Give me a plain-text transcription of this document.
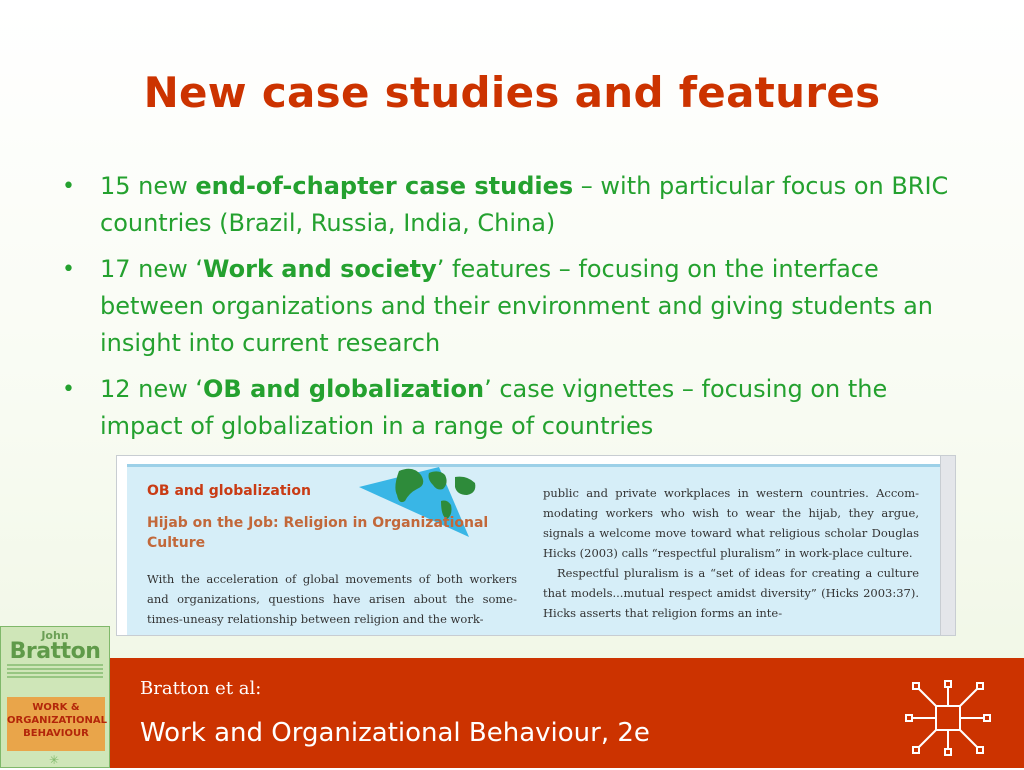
New case studies and features
• 15 new end-of-chapter case studies – with particular focus on BRIC countries (Brazil, Russia, India, China)
• 17 new ‘Work and society’ features – focusing on the interface between organizations and their environment and giving students an insight into current research
• 12 new ‘OB and globalization’ case vignettes – focusing on the impact of globalization in a range of countries

OB and globalization

Hijab on the Job: Religion in Organizational Culture

With the acceleration of global movements of both workers and organizations, questions have arisen about the some-times-uneasy relationship between religion and the work-

public and private workplaces in western countries. Accom-modating workers who wish to wear the hijab, they argue, signals a welcome move toward what religious scholar Douglas Hicks (2003) calls “respectful pluralism” in work-place culture.

Respectful pluralism is a “set of ideas for creating a culture that models...mutual respect amidst diversity” (Hicks 2003:37). Hicks asserts that religion forms an inte-

Bratton et al:
Work and Organizational Behaviour, 2e
John
Bratton
WORK &
ORGANIZATIONAL
BEHAVIOUR
✳
